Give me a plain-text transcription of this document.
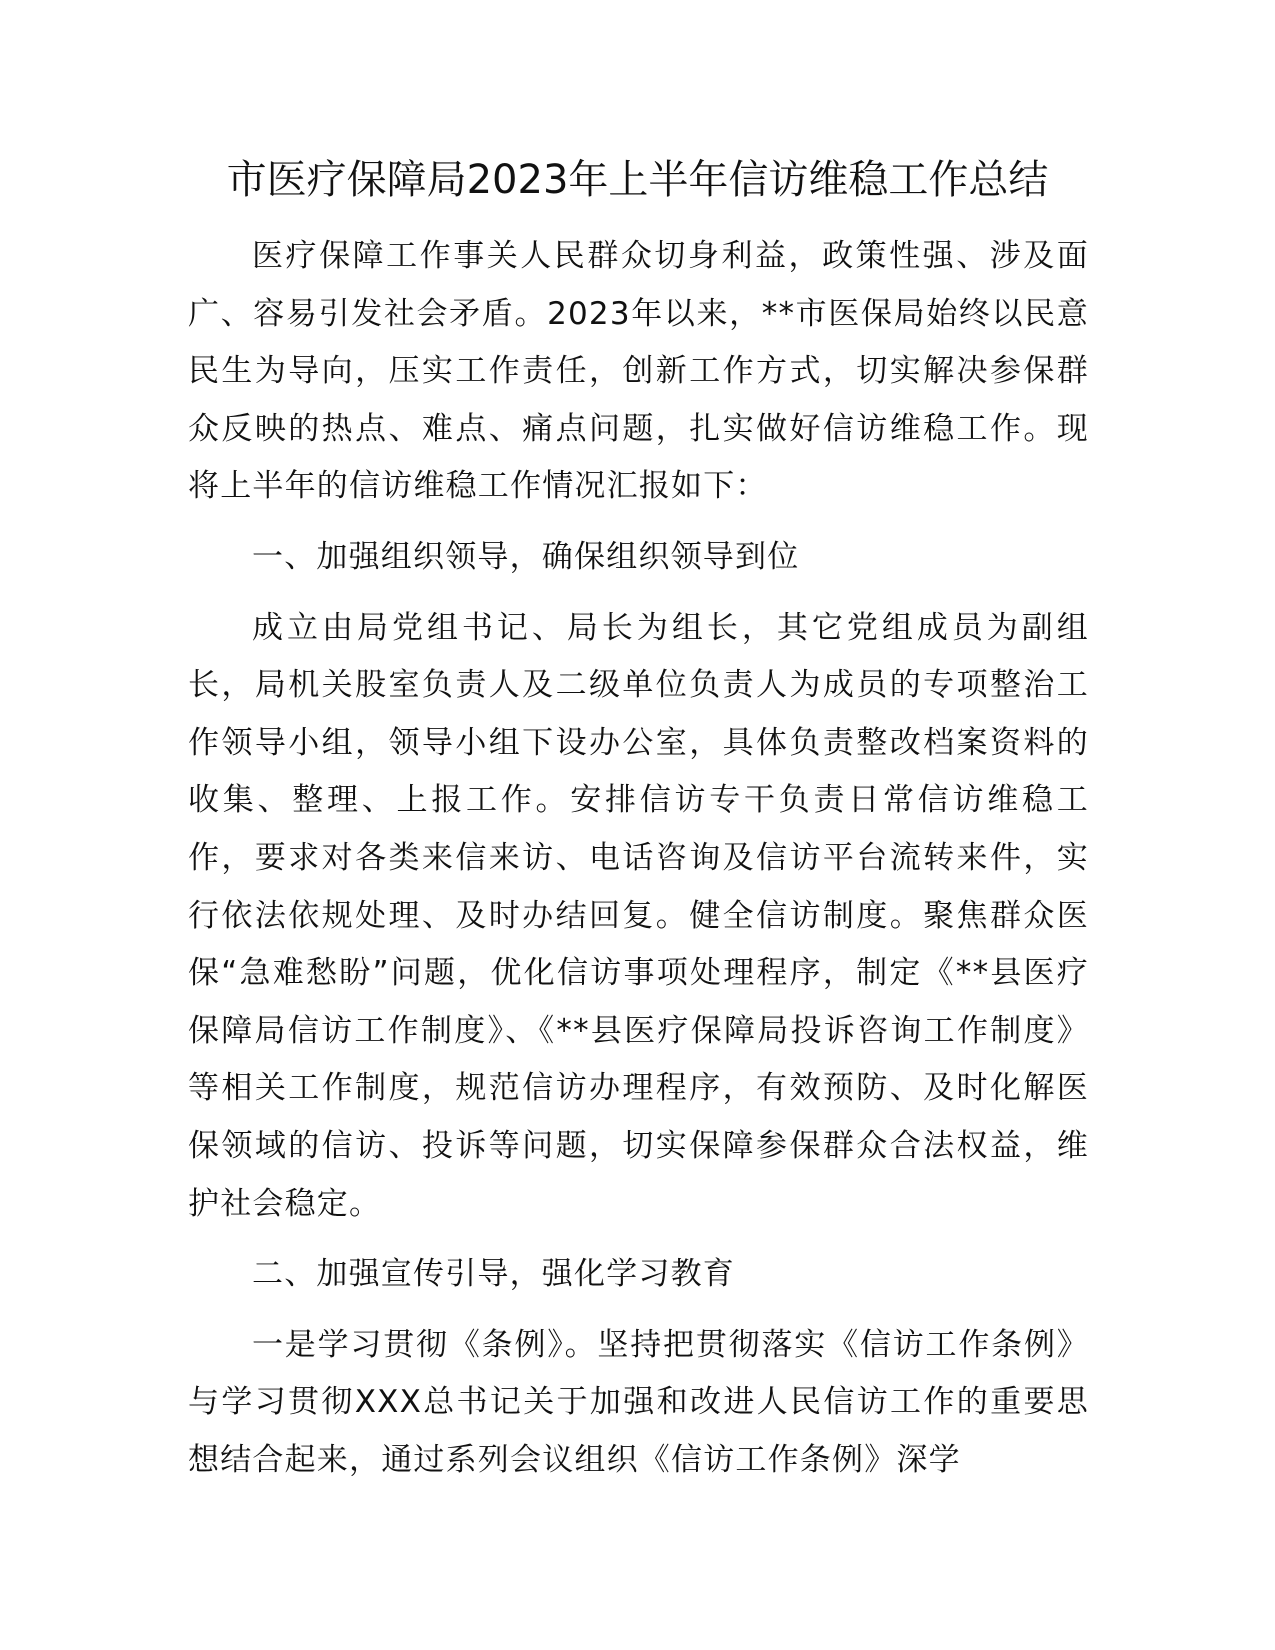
市医疗保障局2023年上半年信访维稳工作总结

医疗保障工作事关人民群众切身利益，政策性强、涉及面广、容易引发社会矛盾。2023年以来，**市医保局始终以民意民生为导向，压实工作责任，创新工作方式，切实解决参保群众反映的热点、难点、痛点问题，扎实做好信访维稳工作。现将上半年的信访维稳工作情况汇报如下：

一、加强组织领导，确保组织领导到位

成立由局党组书记、局长为组长，其它党组成员为副组长，局机关股室负责人及二级单位负责人为成员的专项整治工作领导小组，领导小组下设办公室，具体负责整改档案资料的收集、整理、上报工作。安排信访专干负责日常信访维稳工作，要求对各类来信来访、电话咨询及信访平台流转来件，实行依法依规处理、及时办结回复。健全信访制度。聚焦群众医保“急难愁盼”问题，优化信访事项处理程序，制定《**县医疗保障局信访工作制度》、《**县医疗保障局投诉咨询工作制度》等相关工作制度，规范信访办理程序，有效预防、及时化解医保领域的信访、投诉等问题，切实保障参保群众合法权益，维护社会稳定。

二、加强宣传引导，强化学习教育

一是学习贯彻《条例》。坚持把贯彻落实《信访工作条例》与学习贯彻XXX总书记关于加强和改进人民信访工作的重要思想结合起来，通过系列会议组织《信访工作条例》深学
